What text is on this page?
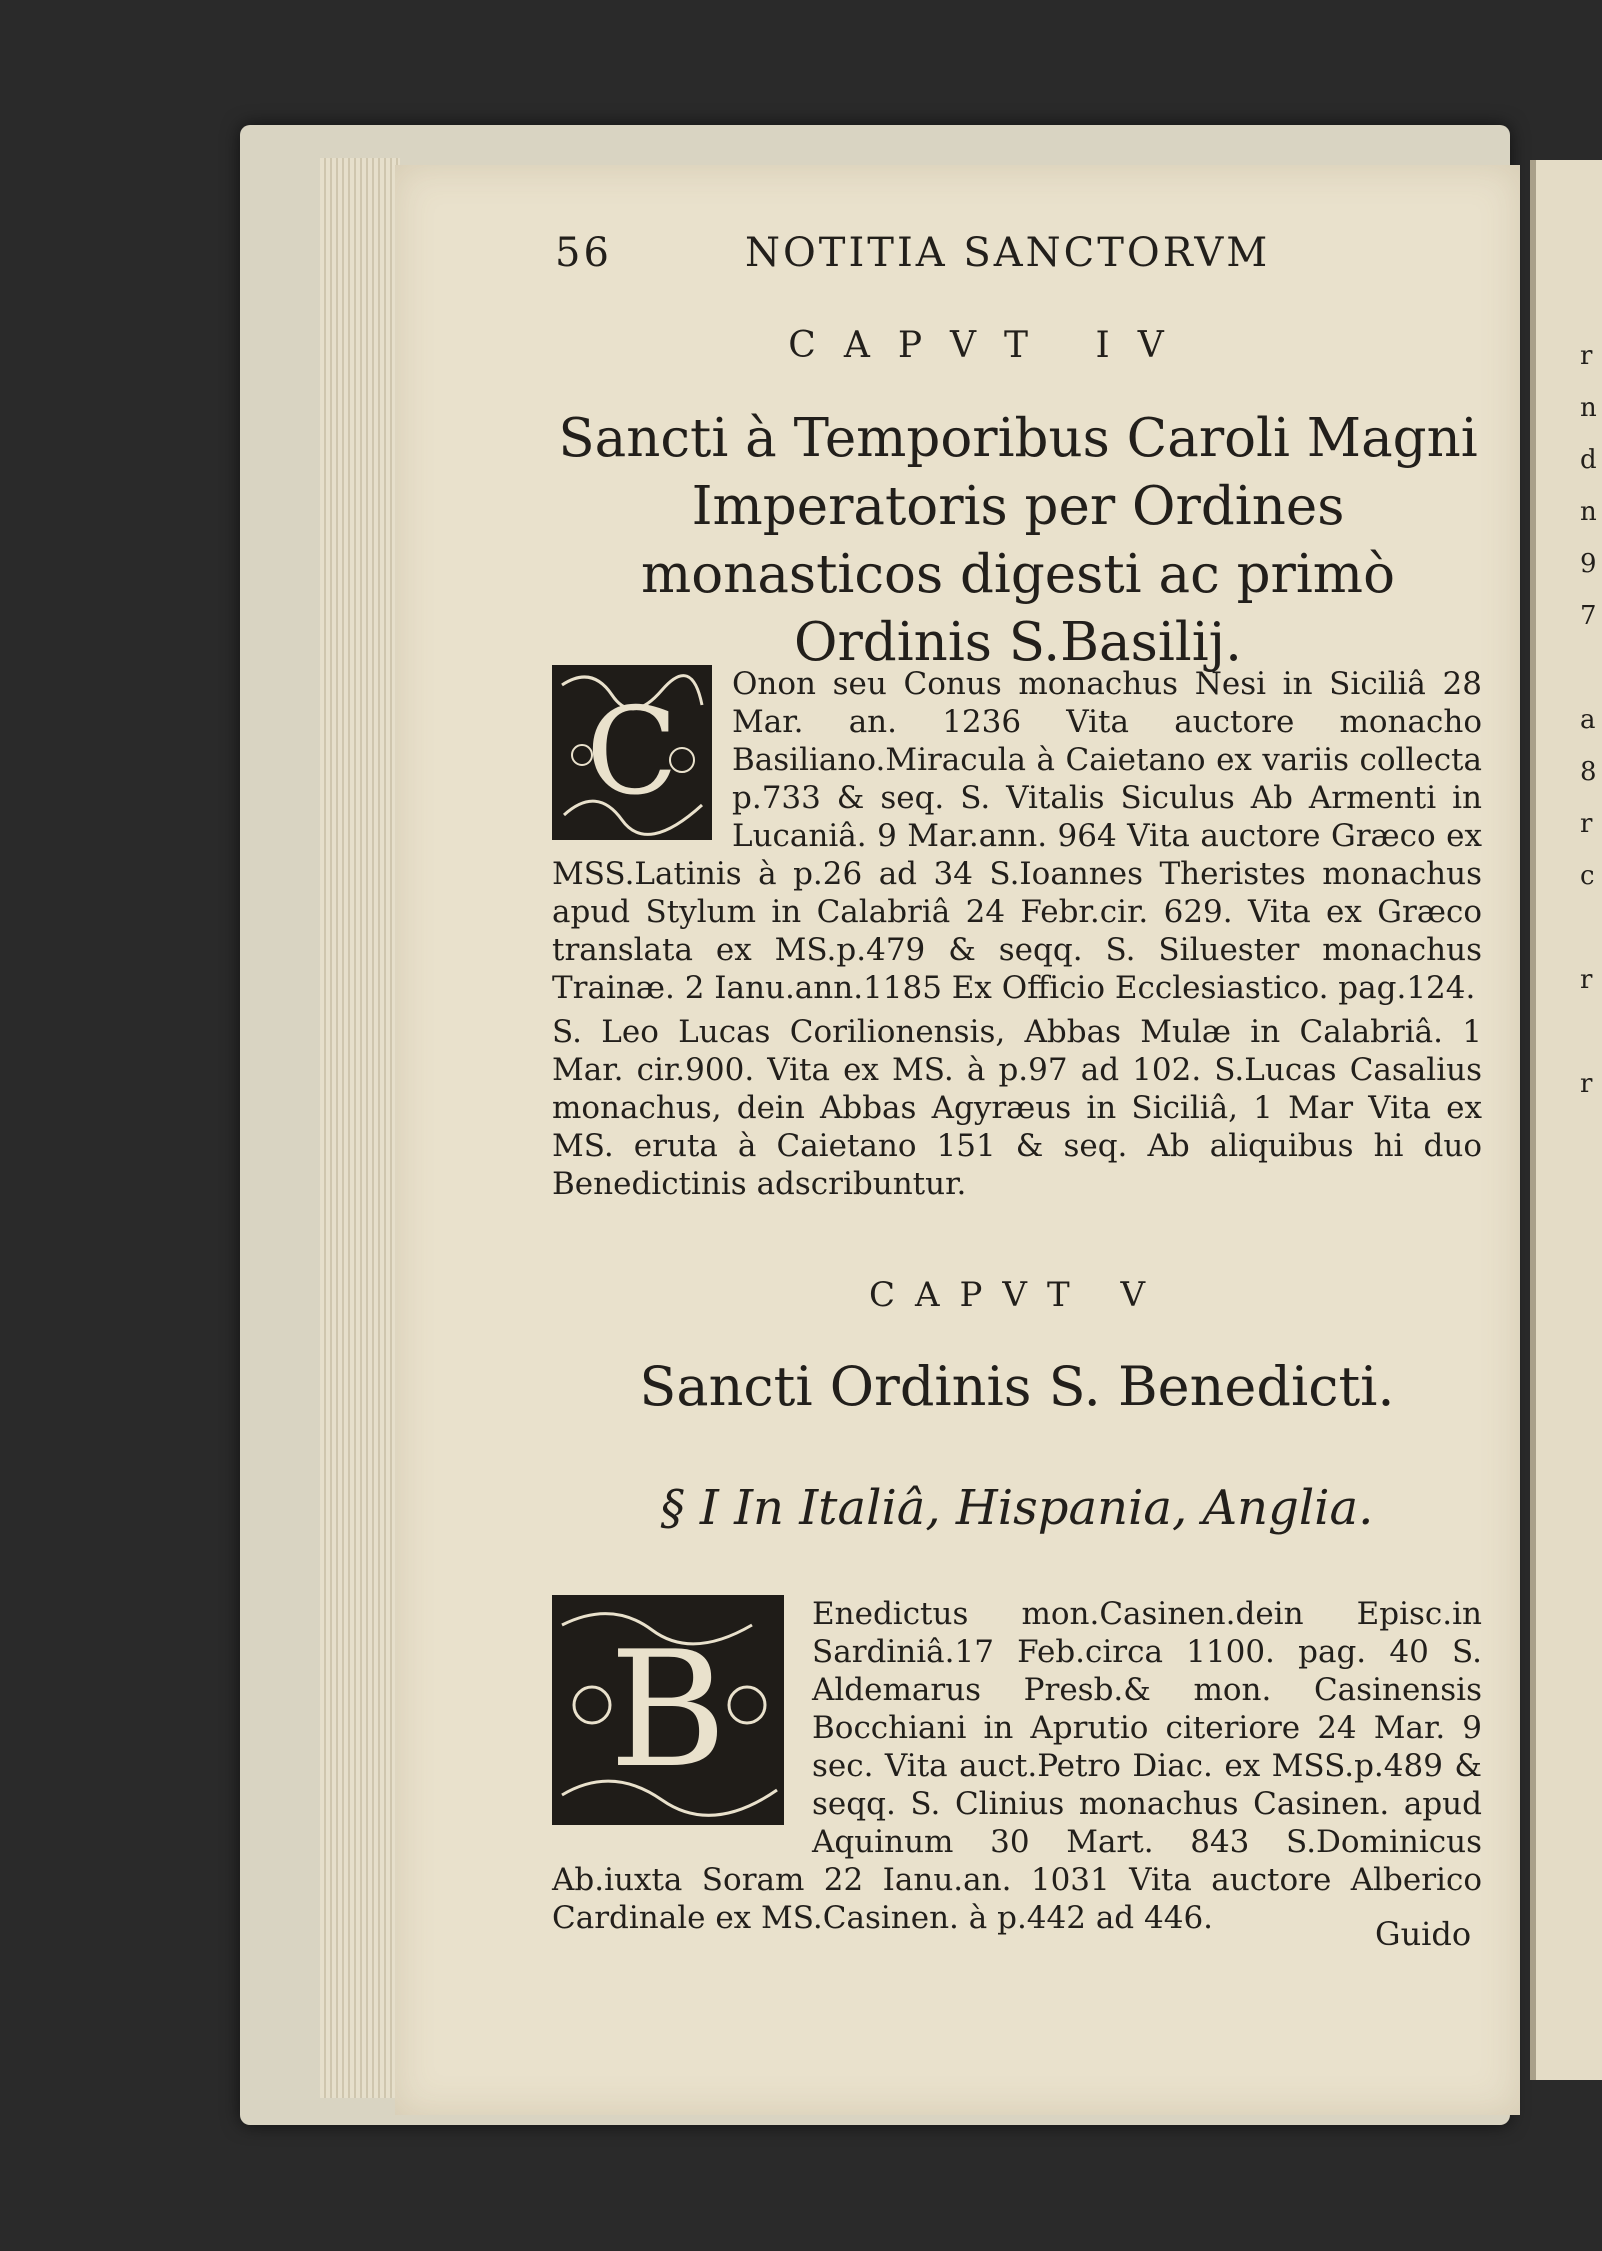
r
n
d
n
9
7

a
8
r
c

r

r
56	NOTITIA SANCTORVM
CAPVT IV
Sancti à Temporibus Caroli Magni Imperatoris per Ordines monasticos digesti ac primò Ordinis S.Basilij.
C	Onon seu Conus monachus Nesi in Siciliâ 28 Mar. an. 1236 Vita auctore monacho Basiliano.Miracula à Caietano ex variis collecta p.733 & seq. S. Vitalis Siculus Ab Armenti in Lucaniâ. 9 Mar.ann. 964 Vita auctore Græco ex MSS.Latinis à p.26 ad 34 S.Ioannes Theristes monachus apud Stylum in Calabriâ 24 Febr.cir. 629. Vita ex Græco translata ex MS.p.479 & seqq. S. Siluester monachus Trainæ. 2 Ianu.ann.1185 Ex Officio Ecclesiastico. pag.124.

S. Leo Lucas Corilionensis, Abbas Mulæ in Calabriâ. 1 Mar. cir.900. Vita ex MS. à p.97 ad 102. S.Lucas Casalius monachus, dein Abbas Agyræus in Siciliâ, 1 Mar Vita ex MS. eruta à Caietano 151 & seq. Ab aliquibus hi duo Benedictinis adscribuntur.

CAPVT V
Sancti Ordinis S. Benedicti.
§ I In Italiâ, Hispania, Anglia.
B

Enedictus mon.Casinen.dein Episc.in Sardiniâ.17 Feb.circa 1100. pag. 40 S. Aldemarus Presb.& mon. Casinensis Bocchiani in Aprutio citeriore 24 Mar. 9 sec. Vita auct.Petro Diac. ex MSS.p.489 & seqq. S. Clinius monachus Casinen. apud Aquinum 30 Mart. 843 S.Dominicus Ab.iuxta Soram 22 Ianu.an. 1031 Vita auctore Alberico Cardinale ex MS.Casinen. à p.442 ad 446.	Guido
